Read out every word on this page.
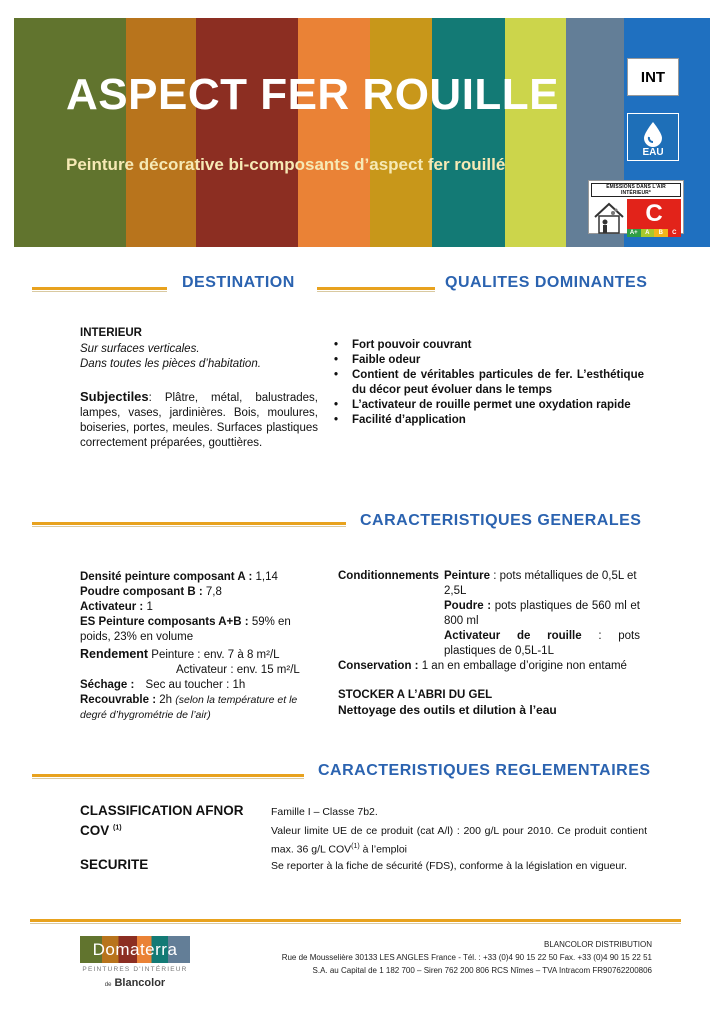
ASPECT FER ROUILLE
Peinture décorative bi-composants d’aspect fer rouillé
INT
EAU
ÉMISSIONS DANS L'AIR INTÉRIEUR*
C
A+	A	B	C
DESTINATION	QUALITES DOMINANTES
INTERIEUR
Sur surfaces verticales.
Dans toutes les pièces d’habitation.
Subjectiles: Plâtre, métal, balustrades, lampes, vases, jardinières. Bois, moulures, boiseries, portes, meules. Surfaces plastiques correctement préparées, gouttières.
• Fort pouvoir couvrant
• Faible odeur
• Contient de véritables particules de fer. L’esthétique du décor peut évoluer dans le temps
• L’activateur de rouille permet une oxydation rapide
• Facilité d’application
CARACTERISTIQUES GENERALES
Densité peinture composant A : 1,14
Poudre composant B : 7,8
Activateur : 1
ES Peinture composants A+B : 59% en poids, 23% en volume
Rendement Peinture : env. 7 à 8 m²/L
Activateur : env. 15 m²/L
Séchage : Sec au toucher : 1h
Recouvrable : 2h (selon la température et le degré d’hygrométrie de l’air)
Conditionnements Peinture : pots métalliques de 0,5L et 2,5L
Poudre : pots plastiques de 560 ml et 800 ml
Activateur de rouille : pots plastiques de 0,5L-1L
Conservation : 1 an en emballage d’origine non entamé
STOCKER A L’ABRI DU GEL
Nettoyage des outils et dilution à l’eau
CARACTERISTIQUES REGLEMENTAIRES
CLASSIFICATION AFNOR	Famille I – Classe 7b2.
COV $^{(1)}$	Valeur limite UE de ce produit (cat A/l) : 200 g/L pour 2010. Ce produit contient max. 36 g/L COV$^{(1)}$ à l’emploi
SECURITE	Se reporter à la fiche de sécurité (FDS), conforme à la législation en vigueur.
Domaterra
PEINTURES D'INTÉRIEUR
de Blancolor
BLANCOLOR DISTRIBUTION
Rue de Mousselière 30133 LES ANGLES France - Tél. : +33 (0)4 90 15 22 50 Fax. +33 (0)4 90 15 22 51
S.A. au Capital de 1 182 700 – Siren 762 200 806 RCS Nîmes – TVA Intracom FR90762200806
